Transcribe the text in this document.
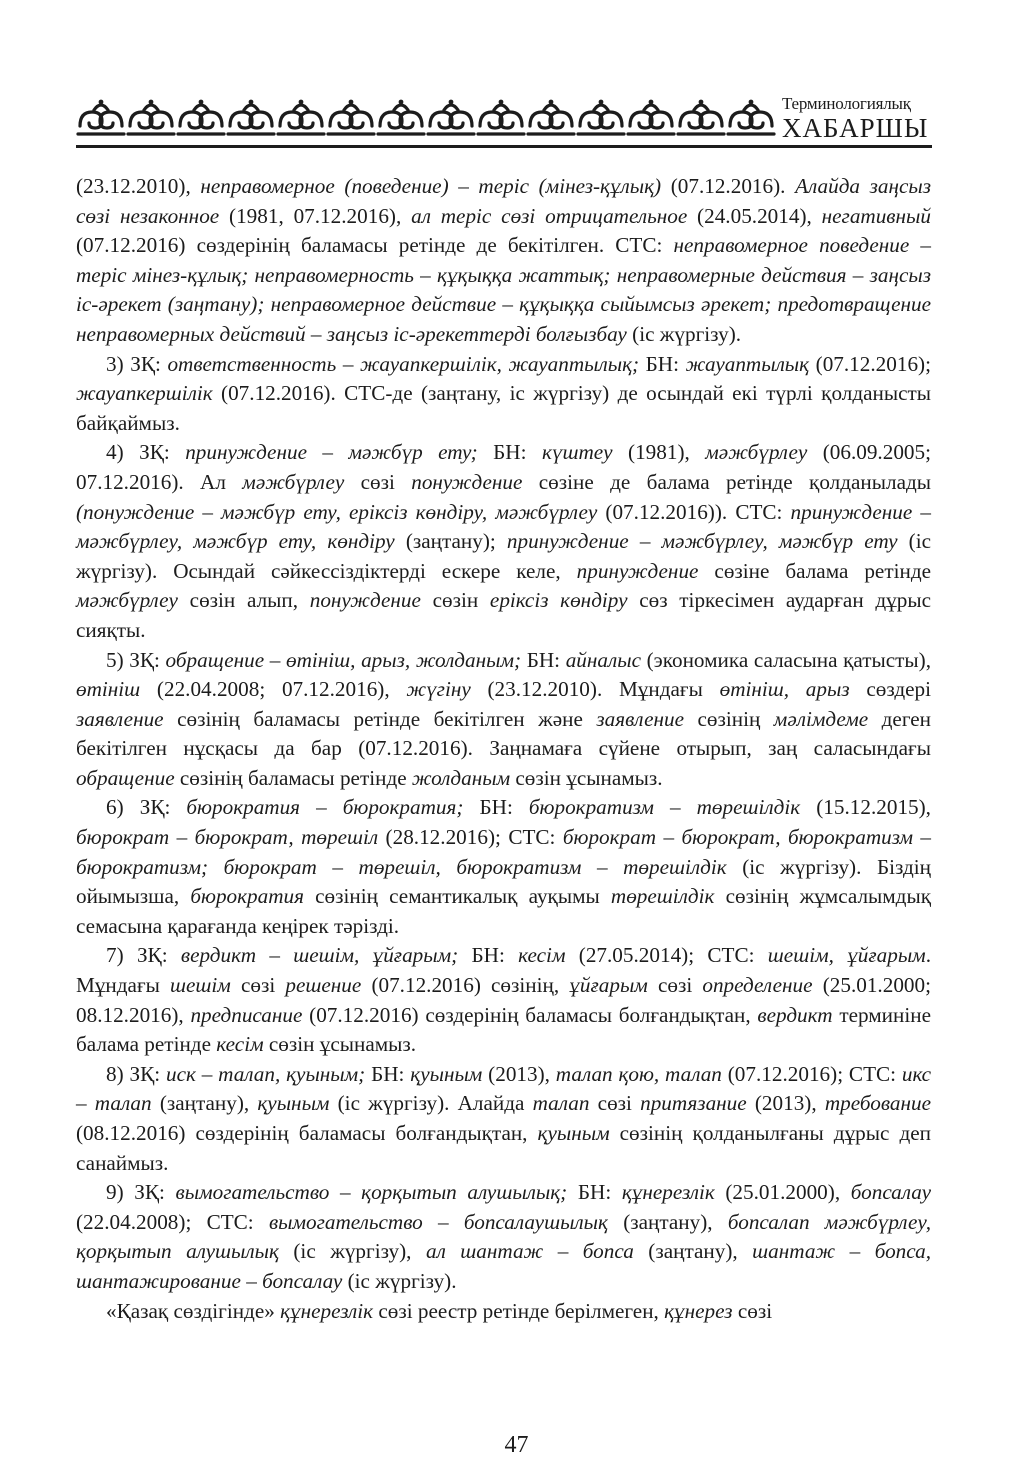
Терминологиялық
ХАБАРШЫ

(23.12.2010), неправомерное (поведение) – теріс (мінез-құлық) (07.12.2016). Алайда заңсыз сөзі незаконное (1981, 07.12.2016), ал теріс сөзі отрицательное (24.05.2014), негативный (07.12.2016) сөздерінің баламасы ретінде де бекітілген. СТС: неправомерное поведение – теріс мінез-құлық; неправомерность – құқыққа жаттық; неправомерные действия – заңсыз іс-әрекет (заңтану); неправомерное действие – құқыққа сыйымсыз әрекет; предотвращение неправомерных действий – заңсыз іс-әрекеттерді болғызбау (іс жүргізу).

3) ЗҚ: ответственность – жауапкершілік, жауаптылық; БН: жауаптылық (07.12.2016); жауапкершілік (07.12.2016). СТС-де (заңтану, іс жүргізу) де осындай екі түрлі қолданысты байқаймыз.

4) ЗҚ: принуждение – мәжбүр ету; БН: күштеу (1981), мәжбүрлеу (06.09.2005; 07.12.2016). Ал мәжбүрлеу сөзі понуждение сөзіне де балама ретінде қолданылады (понуждение – мәжбүр ету, еріксіз көндіру, мәжбүрлеу (07.12.2016)). СТС: принуждение – мәжбүрлеу, мәжбүр ету, көндіру (заңтану); принуждение – мәжбүрлеу, мәжбүр ету (іс жүргізу). Осындай сәйкессіздіктерді ескере келе, принуждение сөзіне балама ретінде мәжбүрлеу сөзін алып, понуждение сөзін еріксіз көндіру сөз тіркесімен аударған дұрыс сияқты.

5) ЗҚ: обращение – өтініш, арыз, жолданым; БН: айналыс (экономика саласына қатысты), өтініш (22.04.2008; 07.12.2016), жүгіну (23.12.2010). Мұндағы өтініш, арыз сөздері заявление сөзінің баламасы ретінде бекітілген және заявление сөзінің мәлімдеме деген бекітілген нұсқасы да бар (07.12.2016). Заңнамаға сүйене отырып, заң саласындағы обращение сөзінің баламасы ретінде жолданым сөзін ұсынамыз.

6) ЗҚ: бюрократия – бюрократия; БН: бюрократизм – төрешілдік (15.12.2015), бюрократ – бюрократ, төрешіл (28.12.2016); СТС: бюрократ – бюрократ, бюрократизм – бюрократизм; бюрократ – төрешіл, бюрократизм – төрешілдік (іс жүргізу). Біздің ойымызша, бюрократия сөзінің семантикалық ауқымы төрешілдік сөзінің жұмсалымдық семасына қарағанда кеңірек тәрізді.

7) ЗҚ: вердикт – шешім, ұйғарым; БН: кесім (27.05.2014); СТС: шешім, ұйғарым. Мұндағы шешім сөзі решение (07.12.2016) сөзінің, ұйғарым сөзі определение (25.01.2000; 08.12.2016), предписание (07.12.2016) сөздерінің баламасы болғандықтан, вердикт терминіне балама ретінде кесім сөзін ұсынамыз.

8) ЗҚ: иск – талап, қуыным; БН: қуыным (2013), талап қою, талап (07.12.2016); СТС: икс – талап (заңтану), қуыным (іс жүргізу). Алайда талап сөзі притязание (2013), требование (08.12.2016) сөздерінің баламасы болғандықтан, қуыным сөзінің қолданылғаны дұрыс деп санаймыз.

9) ЗҚ: вымогательство – қорқытып алушылық; БН: құнерезлік (25.01.2000), бопсалау (22.04.2008); СТС: вымогательство – бопсалаушылық (заңтану), бопсалап мәжбүрлеу, қорқытып алушылық (іс жүргізу), ал шантаж – бопса (заңтану), шантаж – бопса, шантажирование – бопсалау (іс жүргізу).

«Қазақ сөздігінде» құнерезлік сөзі реестр ретінде берілмеген, құнерез сөзі

47
